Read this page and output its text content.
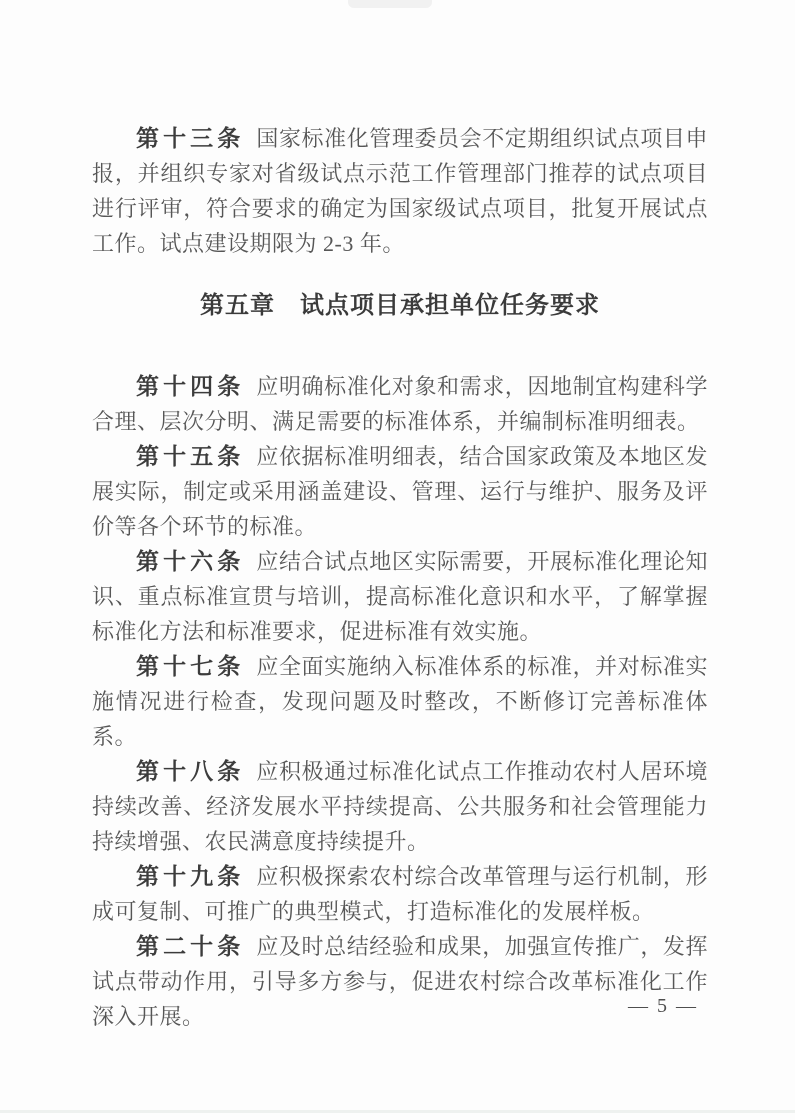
第十三条 国家标准化管理委员会不定期组织试点项目申报，并组织专家对省级试点示范工作管理部门推荐的试点项目进行评审，符合要求的确定为国家级试点项目，批复开展试点工作。试点建设期限为 2-3 年。

第五章　试点项目承担单位任务要求

第十四条 应明确标准化对象和需求，因地制宜构建科学合理、层次分明、满足需要的标准体系，并编制标准明细表。

第十五条 应依据标准明细表，结合国家政策及本地区发展实际，制定或采用涵盖建设、管理、运行与维护、服务及评价等各个环节的标准。

第十六条 应结合试点地区实际需要，开展标准化理论知识、重点标准宣贯与培训，提高标准化意识和水平，了解掌握标准化方法和标准要求，促进标准有效实施。

第十七条 应全面实施纳入标准体系的标准，并对标准实施情况进行检查，发现问题及时整改，不断修订完善标准体系。

第十八条 应积极通过标准化试点工作推动农村人居环境持续改善、经济发展水平持续提高、公共服务和社会管理能力持续增强、农民满意度持续提升。

第十九条 应积极探索农村综合改革管理与运行机制，形成可复制、可推广的典型模式，打造标准化的发展样板。

第二十条 应及时总结经验和成果，加强宣传推广，发挥试点带动作用，引导多方参与，促进农村综合改革标准化工作深入开展。	— 5 —
